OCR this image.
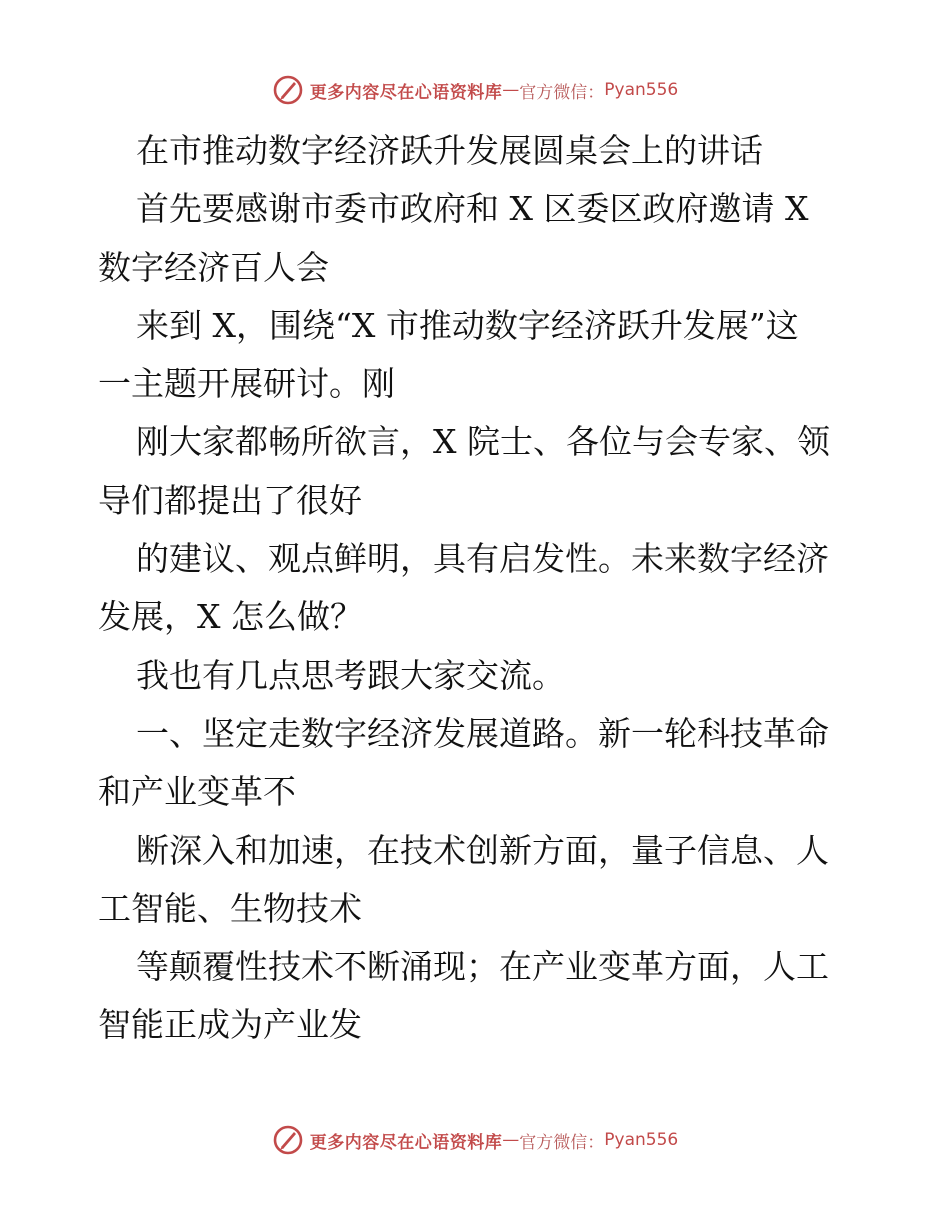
更多内容尽在心语资料库 — 官方微信： Pyan556
在市推动数字经济跃升发展圆桌会上的讲话
首先要感谢市委市政府和 X 区委区政府邀请 X
数字经济百人会
来到 X，围绕“X 市推动数字经济跃升发展”这
一主题开展研讨。刚
刚大家都畅所欲言，X 院士、各位与会专家、领
导们都提出了很好
的建议、观点鲜明，具有启发性。未来数字经济
发展，X 怎么做？
我也有几点思考跟大家交流。
一、坚定走数字经济发展道路。新一轮科技革命
和产业变革不
断深入和加速，在技术创新方面，量子信息、人
工智能、生物技术
等颠覆性技术不断涌现；在产业变革方面，人工
智能正成为产业发
更多内容尽在心语资料库 — 官方微信： Pyan556
